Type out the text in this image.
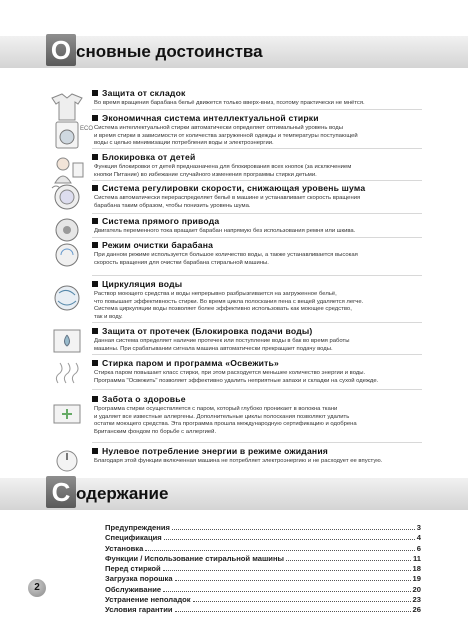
О сновные достоинства
ECO
Защита от складок
Во время вращения барабана бельё движется только вверх-вниз, поэтому практически не мнётся.
Экономичная система интеллектуальной стирки
Система интеллектуальной стирки автоматически определяет оптимальный уровень воды
и время стирки в зависимости от количества загруженной одежды и температуры поступающей
воды с целью минимизации потребления воды и электроэнергии.
Блокировка от детей
Функция блокировки от детей предназначена для блокирования всех кнопок (за исключением
кнопки Питание) во избежание случайного изменения программы стирки детьми.
Система регулировки скорости, снижающая уровень шума
Система автоматически перераспределяет бельё в машине и устанавливает скорость вращения
барабана таким образом, чтобы понизить уровень шума.
Система прямого привода
Двигатель переменного тока вращает барабан напрямую без использования ремня или шкива.
Режим очистки барабана
При данном режиме используется большое количество воды, а также устанавливается высокая
скорость вращения для очистки барабана стиральной машины.
Циркуляция воды
Раствор моющего средства и воды непрерывно разбрызгивается на загруженное бельё,
что повышает эффективность стирки. Во время цикла полоскания пена с вещей удаляется легче.
Система циркуляции воды позволяет более эффективно использовать как моющее средство,
так и воду.
Защита от протечек (Блокировка подачи воды)
Данная система определяет наличие протечек или поступление воды в бак во время работы
машины. При срабатывании сигнала машина автоматически прекращает подачу воды.
Стирка паром и программа «Освежить»
Стирка паром повышает класс стирки, при этом расходуется меньшее количество энергии и воды.
Программа "Освежить" позволяет эффективно удалить неприятные запахи и складки на сухой одежде.
Забота о здоровье
Программа стирки осуществляется с паром, который глубоко проникает в волокна ткани
и удаляет все известные аллергены. Дополнительные циклы полоскания позволяют удалить
остатки моющего средства. Эта программа прошла международную сертификацию и одобрена
Британским фондом по борьбе с аллергией.
Нулевое потребление энергии в режиме ожидания
Благодаря этой функции включенная машина не потребляет электроэнергию и не расходует ее впустую.
С одержание
Предупреждения	3
Спецификация	4
Установка	6
Функции / Использование стиральной машины	11
Перед стиркой	18
Загрузка порошка	19
Обслуживание	20
Устранение неполадок	23
Условия гарантии	26
2
